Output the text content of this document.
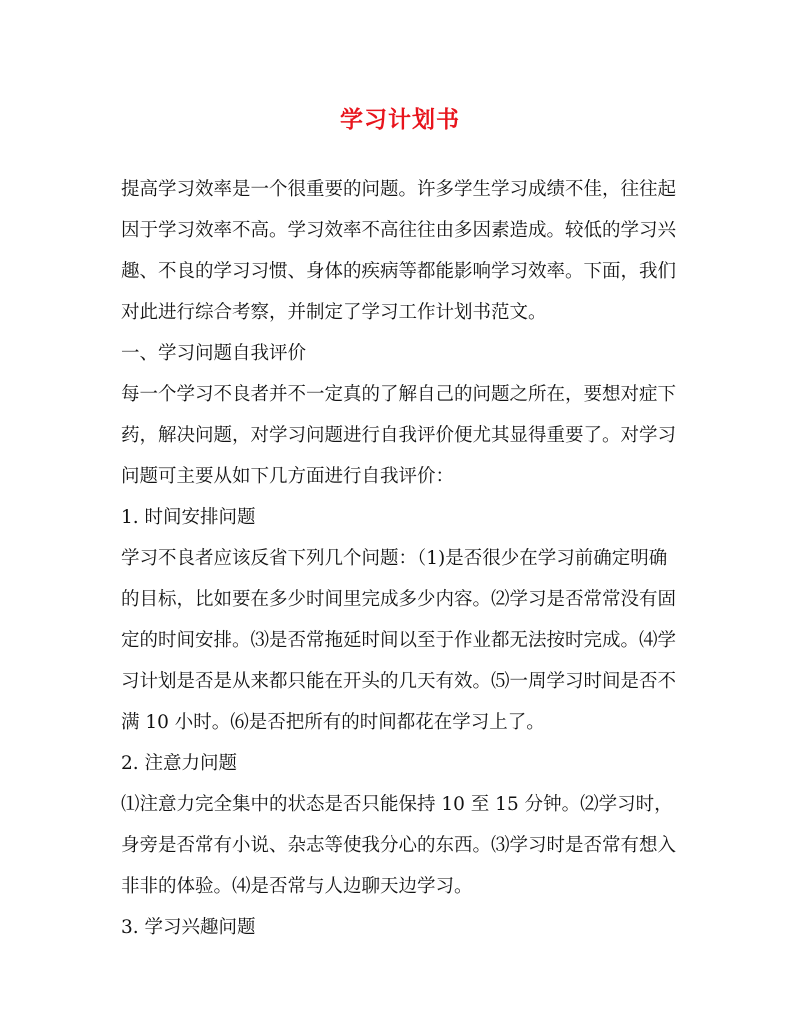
学习计划书

提高学习效率是一个很重要的问题。许多学生学习成绩不佳，往往起因于学习效率不高。学习效率不高往往由多因素造成。较低的学习兴趣、不良的学习习惯、身体的疾病等都能影响学习效率。下面，我们对此进行综合考察，并制定了学习工作计划书范文。

一、学习问题自我评价

每一个学习不良者并不一定真的了解自己的问题之所在，要想对症下药，解决问题，对学习问题进行自我评价便尤其显得重要了。对学习问题可主要从如下几方面进行自我评价：

1. 时间安排问题

学习不良者应该反省下列几个问题：（1)是否很少在学习前确定明确的目标，比如要在多少时间里完成多少内容。⑵学习是否常常没有固定的时间安排。⑶是否常拖延时间以至于作业都无法按时完成。⑷学习计划是否是从来都只能在开头的几天有效。⑸一周学习时间是否不满 10 小时。⑹是否把所有的时间都花在学习上了。

2. 注意力问题

⑴注意力完全集中的状态是否只能保持 10 至 15 分钟。⑵学习时，身旁是否常有小说、杂志等使我分心的东西。⑶学习时是否常有想入非非的体验。⑷是否常与人边聊天边学习。

3. 学习兴趣问题
